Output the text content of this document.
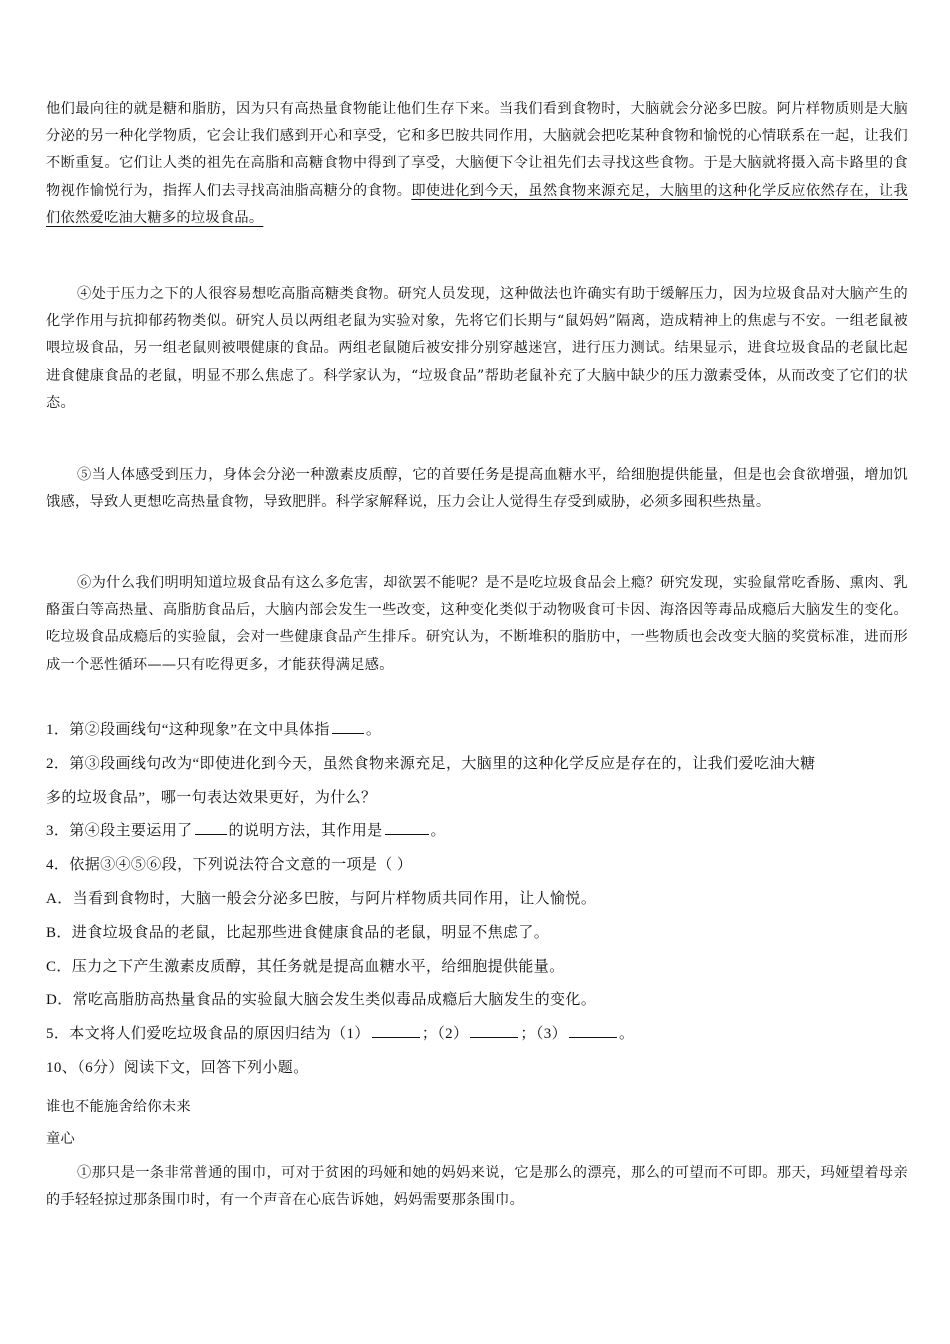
他们最向往的就是糖和脂肪，因为只有高热量食物能让他们生存下来。当我们看到食物时，大脑就会分泌多巴胺。阿片样物质则是大脑分泌的另一种化学物质，它会让我们感到开心和享受，它和多巴胺共同作用，大脑就会把吃某种食物和愉悦的心情联系在一起，让我们不断重复。它们让人类的祖先在高脂和高糖食物中得到了享受，大脑便下令让祖先们去寻找这些食物。于是大脑就将摄入高卡路里的食物视作愉悦行为，指挥人们去寻找高油脂高糖分的食物。即使进化到今天，虽然食物来源充足，大脑里的这种化学反应依然存在，让我们依然爱吃油大糖多的垃圾食品。

④处于压力之下的人很容易想吃高脂高糖类食物。研究人员发现，这种做法也许确实有助于缓解压力，因为垃圾食品对大脑产生的化学作用与抗抑郁药物类似。研究人员以两组老鼠为实验对象，先将它们长期与“鼠妈妈”隔离，造成精神上的焦虑与不安。一组老鼠被喂垃圾食品，另一组老鼠则被喂健康的食品。两组老鼠随后被安排分别穿越迷宫，进行压力测试。结果显示，进食垃圾食品的老鼠比起进食健康食品的老鼠，明显不那么焦虑了。科学家认为，“垃圾食品”帮助老鼠补充了大脑中缺少的压力激素受体，从而改变了它们的状态。

⑤当人体感受到压力，身体会分泌一种激素皮质醇，它的首要任务是提高血糖水平，给细胞提供能量，但是也会食欲增强，增加饥饿感，导致人更想吃高热量食物，导致肥胖。科学家解释说，压力会让人觉得生存受到威胁，必须多囤积些热量。

⑥为什么我们明明知道垃圾食品有这么多危害，却欲罢不能呢？是不是吃垃圾食品会上瘾？研究发现，实验鼠常吃香肠、熏肉、乳酪蛋白等高热量、高脂肪食品后，大脑内部会发生一些改变，这种变化类似于动物吸食可卡因、海洛因等毒品成瘾后大脑发生的变化。吃垃圾食品成瘾后的实验鼠，会对一些健康食品产生排斥。研究认为，不断堆积的脂肪中，一些物质也会改变大脑的奖赏标准，进而形成一个恶性循环——只有吃得更多，才能获得满足感。

1．第②段画线句“这种现象”在文中具体指 。
2．第③段画线句改为“即使进化到今天，虽然食物来源充足，大脑里的这种化学反应是存在的，让我们爱吃油大糖
多的垃圾食品”，哪一句表达效果更好，为什么？
3．第④段主要运用了 的说明方法，其作用是	。
4．依据③④⑤⑥段，下列说法符合文意的一项是（ ）
A．当看到食物时，大脑一般会分泌多巴胺，与阿片样物质共同作用，让人愉悦。
B．进食垃圾食品的老鼠，比起那些进食健康食品的老鼠，明显不焦虑了。
C．压力之下产生激素皮质醇，其任务就是提高血糖水平，给细胞提供能量。
D．常吃高脂肪高热量食品的实验鼠大脑会发生类似毒品成瘾后大脑发生的变化。
5．本文将人们爱吃垃圾食品的原因归结为（1）	；（2）	；（3）	。
10、（6分）阅读下文，回答下列小题。

谁也不能施舍给你未来

童心

①那只是一条非常普通的围巾，可对于贫困的玛娅和她的妈妈来说，它是那么的漂亮，那么的可望而不可即。那天，玛娅望着母亲的手轻轻掠过那条围巾时，有一个声音在心底告诉她，妈妈需要那条围巾。
